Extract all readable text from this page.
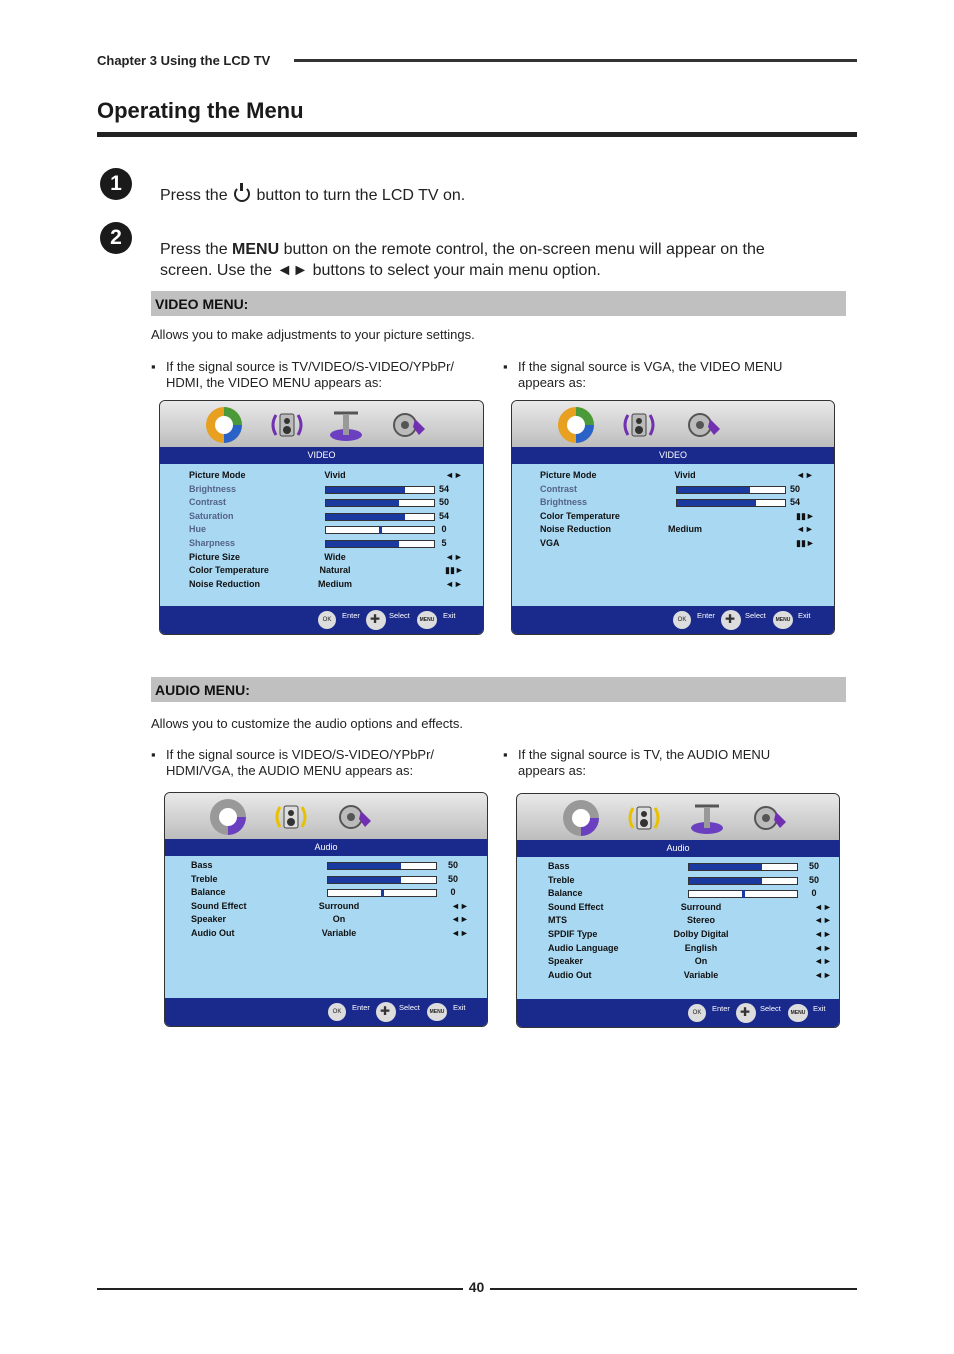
Chapter 3 Using the LCD TV
Operating the Menu
1
Press the button to turn the LCD TV on.
2
Press the MENU button on the remote control, the on-screen menu will appear on the
screen. Use the ◄► buttons to select your main menu option.
VIDEO MENU:
Allows you to make adjustments to your picture settings.
▪ If the signal source is TV/VIDEO/S-VIDEO/YPbPr/
HDMI, the VIDEO MENU appears as:
▪ If the signal source is VGA, the VIDEO MENU
appears as:
VIDEO
Picture Mode	Vivid	◄►
Brightness	54
Contrast	50
Saturation	54
Hue	0
Sharpness	5
Picture Size	Wide	◄►
Color Temperature	Natural	▮▮►
Noise Reduction	Medium	◄►
OK	Enter ✚	Select	MENU	Exit
VIDEO
Picture Mode	Vivid	◄►
Contrast	50
Brightness	54
Color Temperature	▮▮►
Noise Reduction	Medium	◄►
VGA	▮▮►
OK	Enter ✚	Select	MENU	Exit
AUDIO MENU:
Allows you to customize the audio options and effects.
▪ If the signal source is VIDEO/S-VIDEO/YPbPr/
HDMI/VGA, the AUDIO MENU appears as:
▪ If the signal source is TV, the AUDIO MENU
appears as:
Audio
Bass	50
Treble	50
Balance	0
Sound Effect	Surround	◄►
Speaker	On	◄►
Audio Out	Variable	◄►
OK	Enter ✚	Select	MENU	Exit
Audio
Bass	50
Treble	50
Balance	0
Sound Effect	Surround	◄►
MTS	Stereo	◄►
SPDIF Type	Dolby Digital	◄►
Audio Language	English	◄►
Speaker	On	◄►
Audio Out	Variable	◄►
OK	Enter ✚	Select	MENU	Exit
40
